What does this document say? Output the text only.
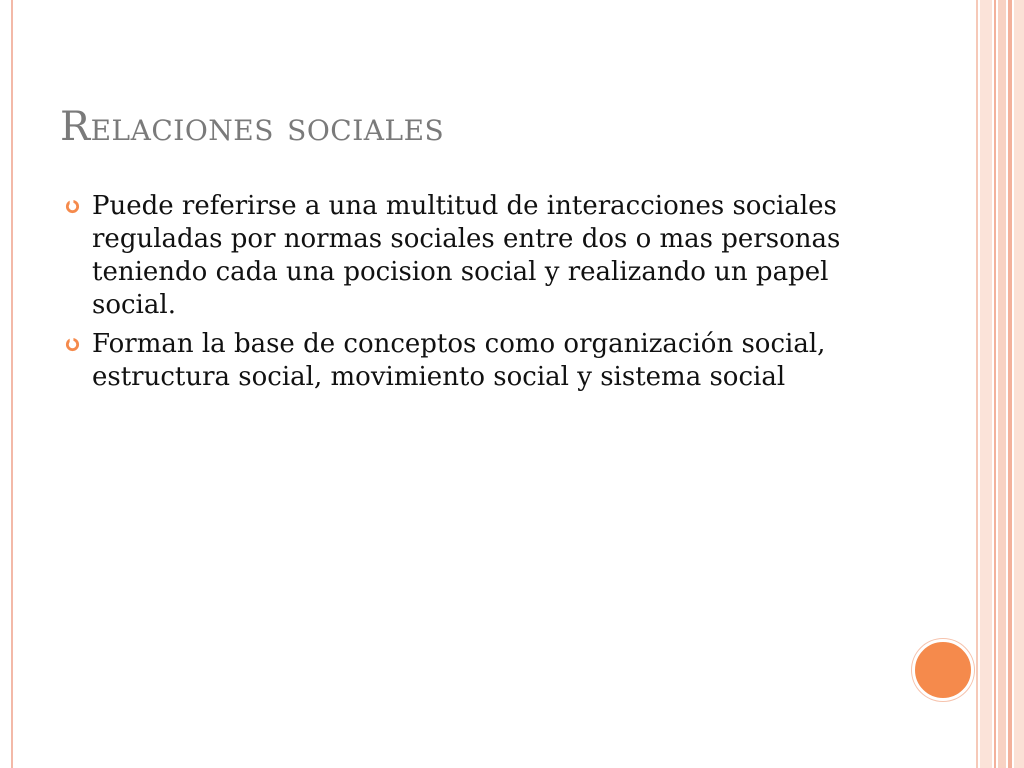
Relaciones sociales
Puede referirse a una multitud de interacciones sociales reguladas por normas sociales entre dos o mas personas teniendo cada una pocision social y realizando un papel social.
Forman la base de conceptos como organización social, estructura social, movimiento social y sistema social
